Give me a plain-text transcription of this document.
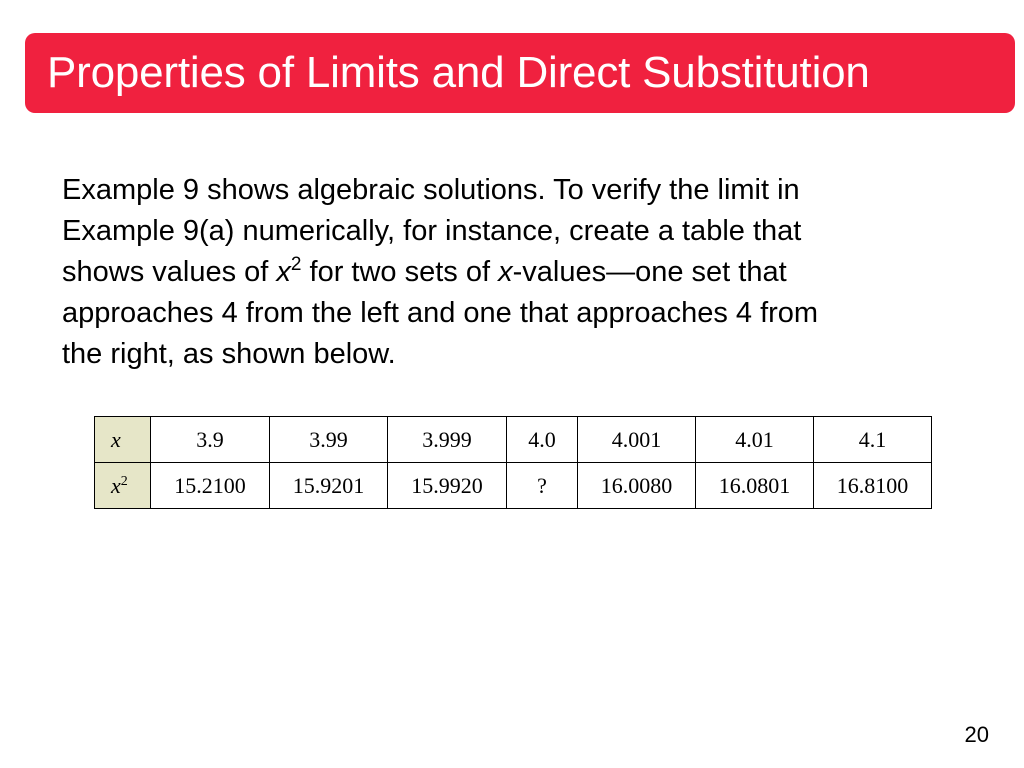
Properties of Limits and Direct Substitution
Example 9 shows algebraic solutions. To verify the limit in
Example 9(a) numerically, for instance, create a table that
shows values of $x^2$ for two sets of x-values—one set that
approaches 4 from the left and one that approaches 4 from
the right, as shown below.
x	3.9	3.99	3.999	4.0	4.001	4.01	4.1
$x^2$	15.2100	15.9201	15.9920	?	16.0080	16.0801	16.8100
20
